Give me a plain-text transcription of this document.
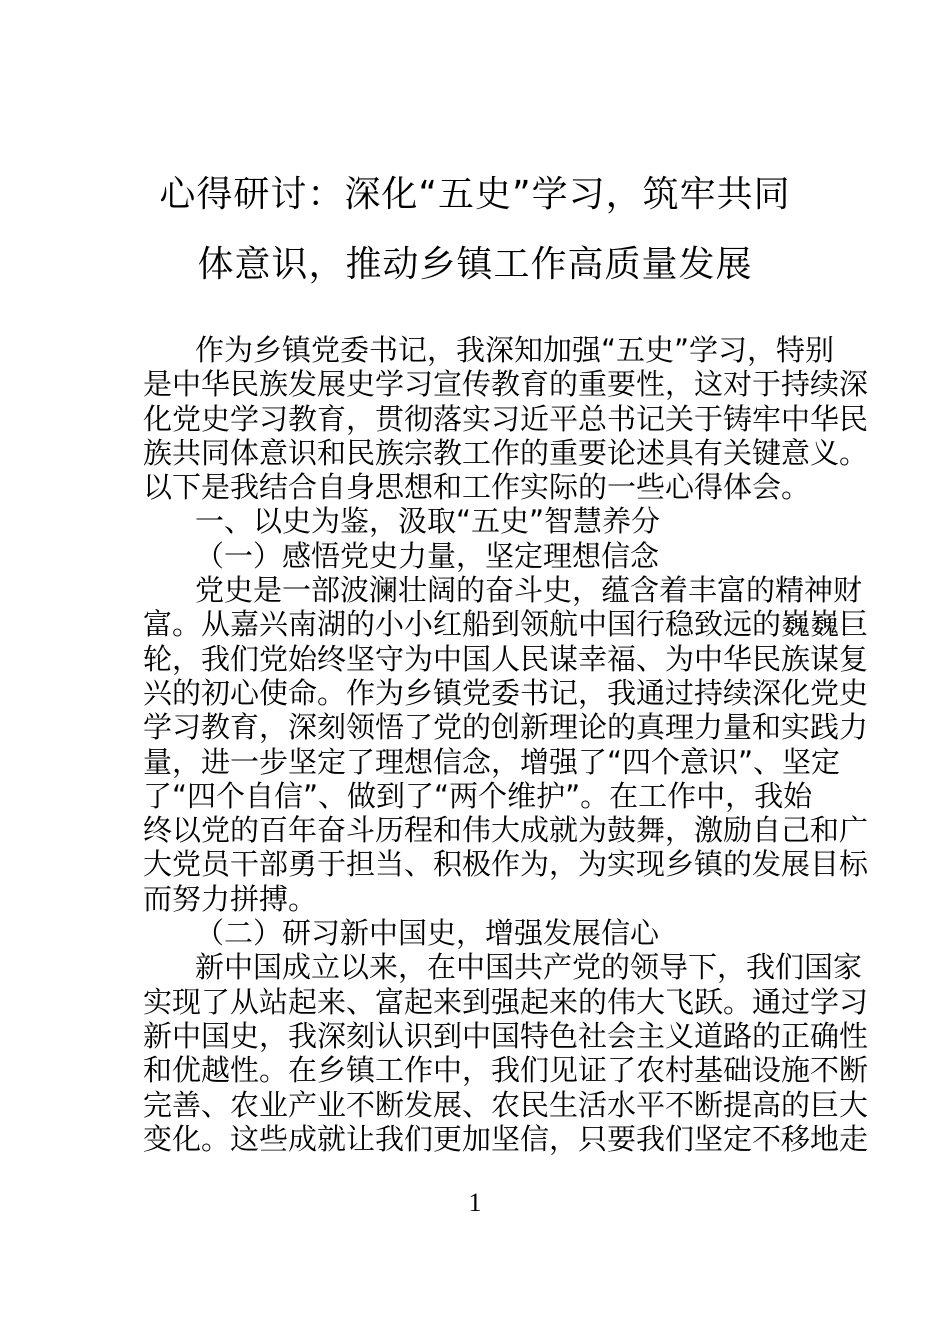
心得研讨：深化“五史”学习，筑牢共同
体意识，推动乡镇工作高质量发展
作为乡镇党委书记，我深知加强“五史”学习，特别
是中华民族发展史学习宣传教育的重要性，这对于持续深
化党史学习教育，贯彻落实习近平总书记关于铸牢中华民
族共同体意识和民族宗教工作的重要论述具有关键意义。
以下是我结合自身思想和工作实际的一些心得体会。
一、以史为鉴，汲取“五史”智慧养分
（一）感悟党史力量，坚定理想信念
党史是一部波澜壮阔的奋斗史，蕴含着丰富的精神财
富。从嘉兴南湖的小小红船到领航中国行稳致远的巍巍巨
轮，我们党始终坚守为中国人民谋幸福、为中华民族谋复
兴的初心使命。作为乡镇党委书记，我通过持续深化党史
学习教育，深刻领悟了党的创新理论的真理力量和实践力
量，进一步坚定了理想信念，增强了“四个意识”、坚定
了“四个自信”、做到了“两个维护”。在工作中，我始
终以党的百年奋斗历程和伟大成就为鼓舞，激励自己和广
大党员干部勇于担当、积极作为，为实现乡镇的发展目标
而努力拼搏。
（二）研习新中国史，增强发展信心
新中国成立以来，在中国共产党的领导下，我们国家
实现了从站起来、富起来到强起来的伟大飞跃。通过学习
新中国史，我深刻认识到中国特色社会主义道路的正确性
和优越性。在乡镇工作中，我们见证了农村基础设施不断
完善、农业产业不断发展、农民生活水平不断提高的巨大
变化。这些成就让我们更加坚信，只要我们坚定不移地走
1
